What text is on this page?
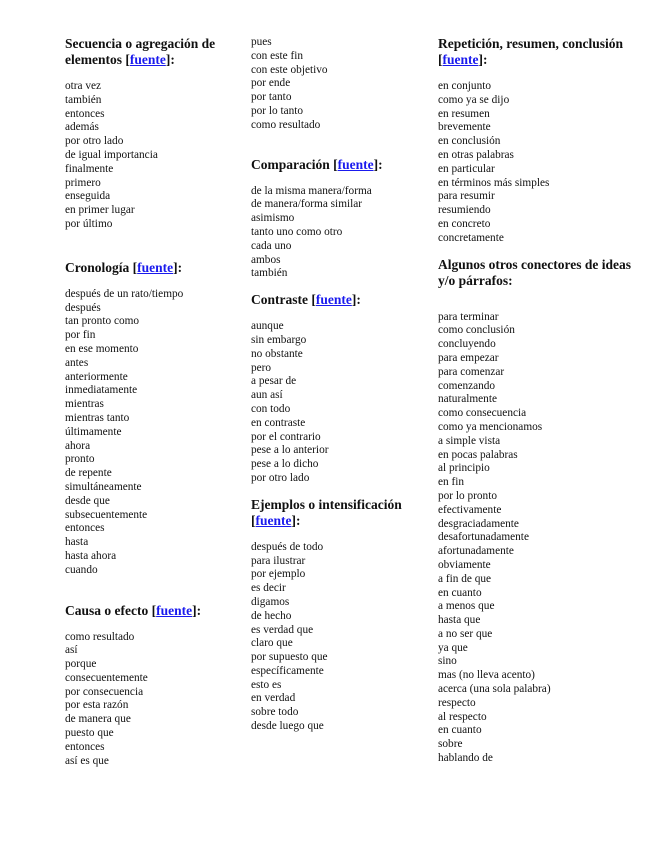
Secuencia o agregación de elementos [fuente]:
otra vez
también
entonces
además
por otro lado
de igual importancia
finalmente
primero
enseguida
en primer lugar
por último
Cronología [fuente]:
después de un rato/tiempo
después
tan pronto como
por fin
en ese momento
antes
anteriormente
inmediatamente
mientras
mientras tanto
últimamente
ahora
pronto
de repente
simultáneamente
desde que
subsecuentemente
entonces
hasta
hasta ahora
cuando
Causa o efecto [fuente]:
como resultado
así
porque
consecuentemente
por consecuencia
por esta razón
de manera que
puesto que
entonces
así es que
pues
con este fin
con este objetivo
por ende
por tanto
por lo tanto
como resultado
Comparación [fuente]:
de la misma manera/forma
de manera/forma similar
asimismo
tanto uno como otro
cada uno
ambos
también
Contraste [fuente]:
aunque
sin embargo
no obstante
pero
a pesar de
aun así
con todo
en contraste
por el contrario
pese a lo anterior
pese a lo dicho
por otro lado
Ejemplos o intensificación [fuente]:
después de todo
para ilustrar
por ejemplo
es decir
digamos
de hecho
es verdad que
claro que
por supuesto que
específicamente
esto es
en verdad
sobre todo
desde luego que
Repetición, resumen, conclusión [fuente]:
en conjunto
como ya se dijo
en resumen
brevemente
en conclusión
en otras palabras
en particular
en términos más simples
para resumir
resumiendo
en concreto
concretamente
Algunos otros conectores de ideas y/o párrafos:
para terminar
como conclusión
concluyendo
para empezar
para comenzar
comenzando
naturalmente
como consecuencia
como ya mencionamos
a simple vista
en pocas palabras
al principio
en fin
por lo pronto
efectivamente
desgraciadamente
desafortunadamente
afortunadamente
obviamente
a fin de que
en cuanto
a menos que
hasta que
a no ser que
ya que
sino
mas (no lleva acento)
acerca (una sola palabra)
respecto
al respecto
en cuanto
sobre
hablando de
